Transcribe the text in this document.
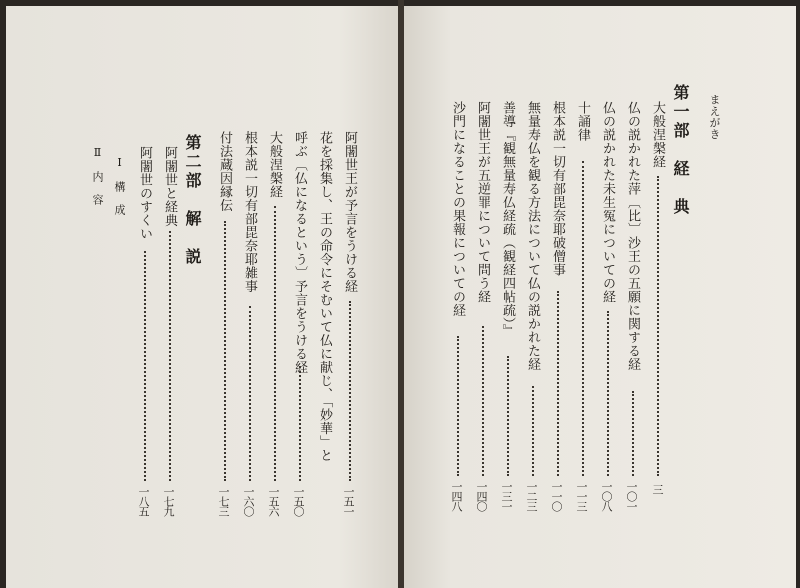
まえがき
第一部　経　典
大般涅槃経
三
仏の説かれた萍〔比〕沙王の五願に関する経
一〇一
仏の説かれた未生冤についての経
一〇八
十誦律
一一三
根本説一切有部毘奈耶破僧事
一一〇
無量寿仏を観る方法について仏の説かれた経
一二三
善導『観無量寿仏経疏（観経四帖疏）』
一三一
阿闍世王が五逆罪について問う経
一四〇
沙門になることの果報についての経
一四八
阿闍世王が予言をうける経
一五一
花を採集し、王の命令にそむいて仏に献じ、「妙華」と
呼ぶ〔仏になるという〕予言をうける経
一五〇
大般涅槃経
一五六
根本説一切有部毘奈耶雑事
一六〇
付法蔵因縁伝
一七三
第二部　解　説
阿闍世と経典
一七九
阿闍世のすくい
一八五
Ⅰ　構　成
Ⅱ　内　容
